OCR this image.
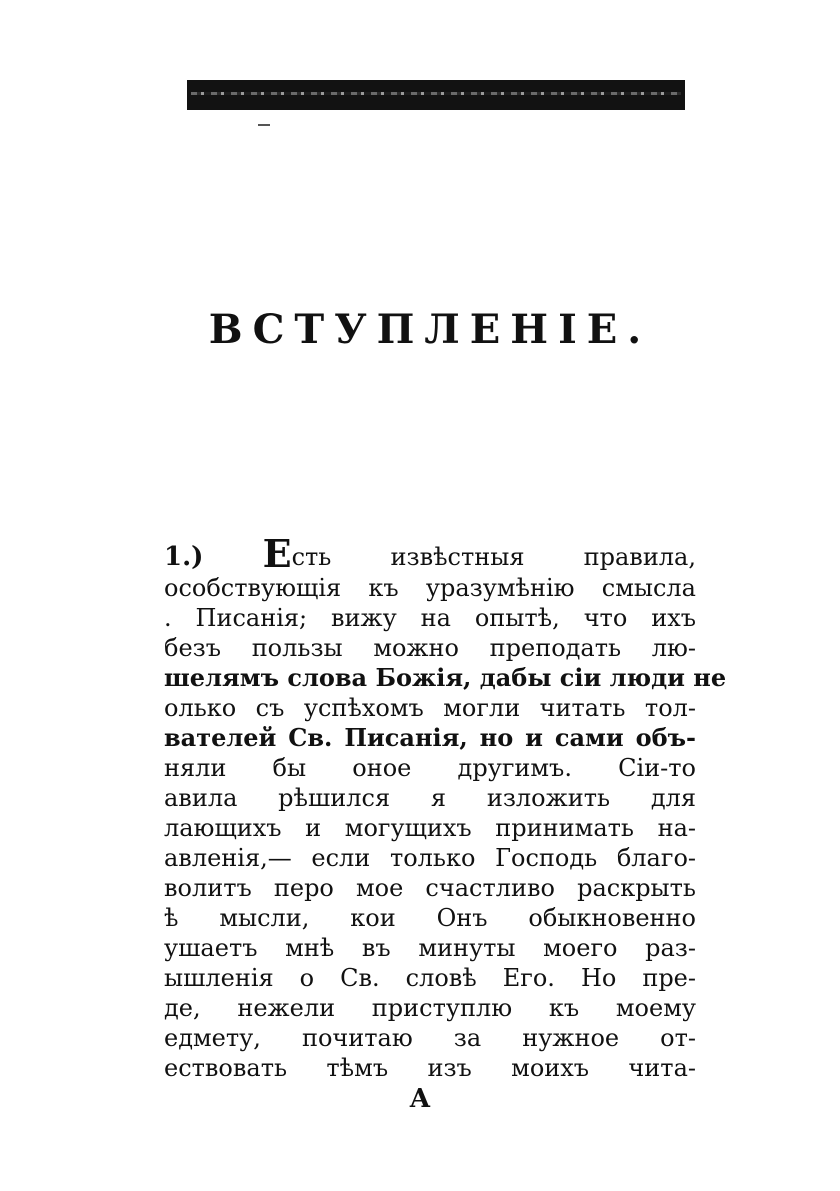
ВСТУПЛЕНІЕ.
1.) Есть извѣстныя правила,
особствующія къ уразумѣнію смысла
. Писанія; вижу на опытѣ, что ихъ
безъ пользы можно преподать лю-
шелямъ слова Божія, дабы сіи люди не
олько съ успѣхомъ могли читать тол-
вателей Св. Писанія, но и сами объ-
няли бы оное другимъ. Сіи-то
авила рѣшился я изложить для
лающихъ и могущихъ принимать на-
авленія,— если только Господь благо-
волитъ перо мое счастливо раскрыть
ѣ мысли, кои Онъ обыкновенно
ушаетъ мнѣ въ минуты моего раз-
ышленія о Св. словѣ Его. Но пре-
де, нежели приступлю къ моему
едмету, почитаю за нужное от-
ествовать тѣмъ изъ моихъ чита-
А
